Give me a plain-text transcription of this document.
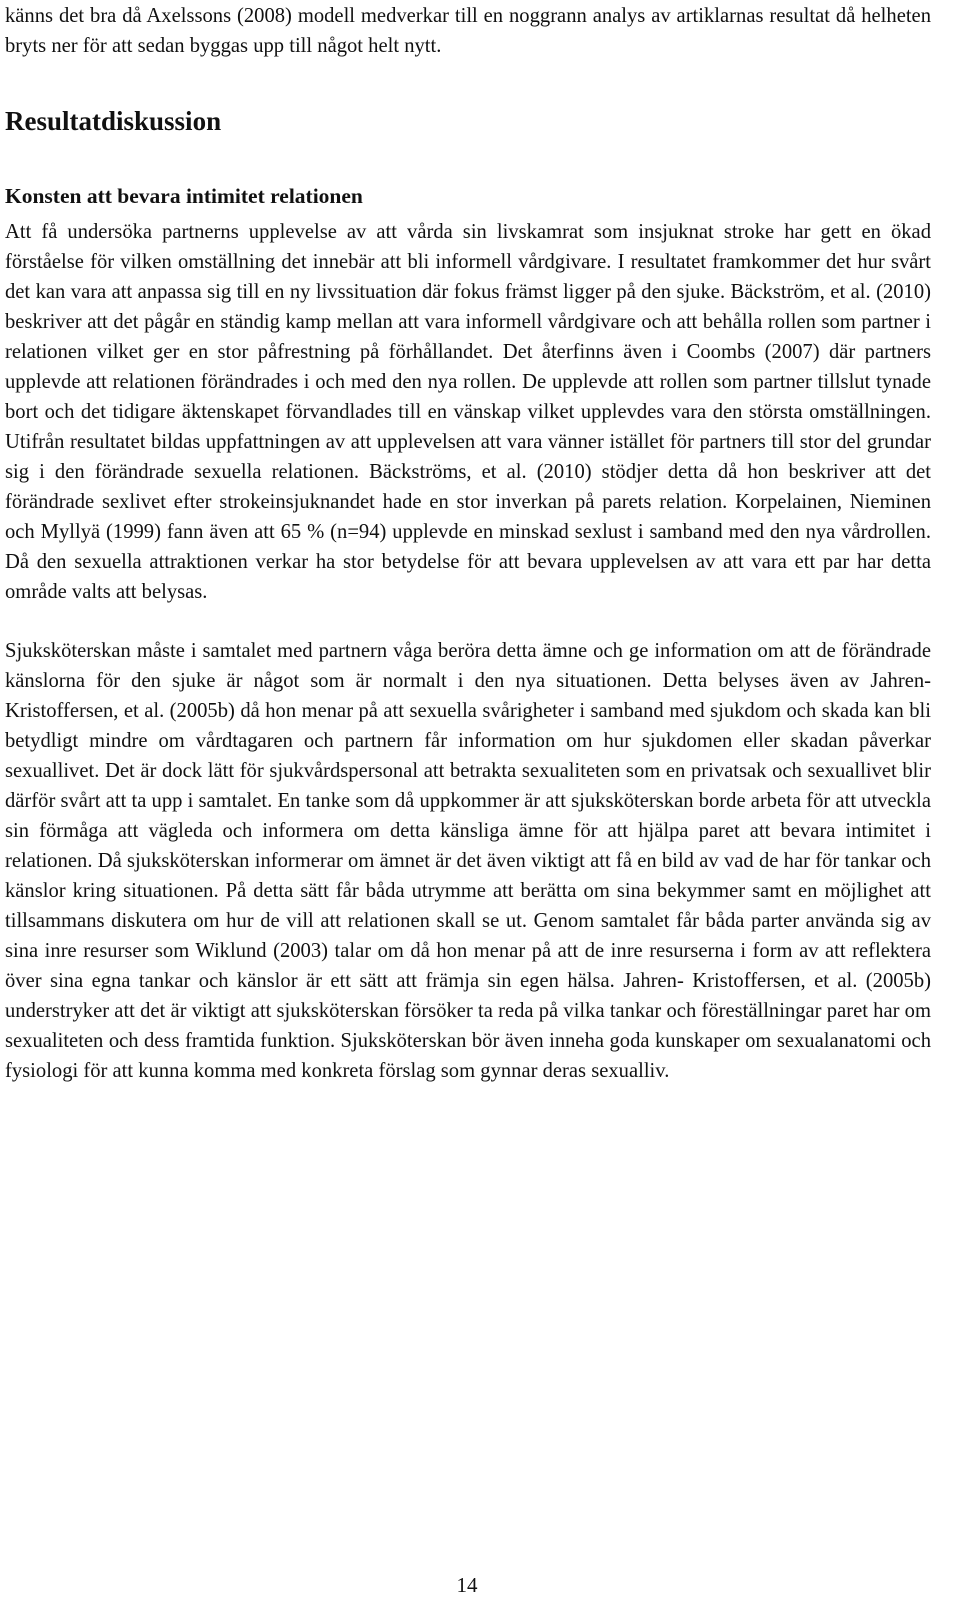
känns det bra då Axelssons (2008) modell medverkar till en noggrann analys av artiklarnas resultat då helheten bryts ner för att sedan byggas upp till något helt nytt.

Resultatdiskussion
Konsten att bevara intimitet relationen

Att få undersöka partnerns upplevelse av att vårda sin livskamrat som insjuknat stroke har gett en ökad förståelse för vilken omställning det innebär att bli informell vårdgivare. I resultatet framkommer det hur svårt det kan vara att anpassa sig till en ny livssituation där fokus främst ligger på den sjuke. Bäckström, et al. (2010) beskriver att det pågår en ständig kamp mellan att vara informell vårdgivare och att behålla rollen som partner i relationen vilket ger en stor påfrestning på förhållandet. Det återfinns även i Coombs (2007) där partners upplevde att relationen förändrades i och med den nya rollen. De upplevde att rollen som partner tillslut tynade bort och det tidigare äktenskapet förvandlades till en vänskap vilket upplevdes vara den största omställningen. Utifrån resultatet bildas uppfattningen av att upplevelsen att vara vänner istället för partners till stor del grundar sig i den förändrade sexuella relationen. Bäckströms, et al. (2010) stödjer detta då hon beskriver att det förändrade sexlivet efter strokeinsjuknandet hade en stor inverkan på parets relation. Korpelainen, Nieminen och Myllyä (1999) fann även att 65 % (n=94) upplevde en minskad sexlust i samband med den nya vårdrollen. Då den sexuella attraktionen verkar ha stor betydelse för att bevara upplevelsen av att vara ett par har detta område valts att belysas.

Sjuksköterskan måste i samtalet med partnern våga beröra detta ämne och ge information om att de förändrade känslorna för den sjuke är något som är normalt i den nya situationen. Detta belyses även av Jahren- Kristoffersen, et al. (2005b) då hon menar på att sexuella svårigheter i samband med sjukdom och skada kan bli betydligt mindre om vårdtagaren och partnern får information om hur sjukdomen eller skadan påverkar sexuallivet. Det är dock lätt för sjukvårdspersonal att betrakta sexualiteten som en privatsak och sexuallivet blir därför svårt att ta upp i samtalet. En tanke som då uppkommer är att sjuksköterskan borde arbeta för att utveckla sin förmåga att vägleda och informera om detta känsliga ämne för att hjälpa paret att bevara intimitet i relationen. Då sjuksköterskan informerar om ämnet är det även viktigt att få en bild av vad de har för tankar och känslor kring situationen. På detta sätt får båda utrymme att berätta om sina bekymmer samt en möjlighet att tillsammans diskutera om hur de vill att relationen skall se ut. Genom samtalet får båda parter använda sig av sina inre resurser som Wiklund (2003) talar om då hon menar på att de inre resurserna i form av att reflektera över sina egna tankar och känslor är ett sätt att främja sin egen hälsa. Jahren- Kristoffersen, et al. (2005b) understryker att det är viktigt att sjuksköterskan försöker ta reda på vilka tankar och föreställningar paret har om sexualiteten och dess framtida funktion. Sjuksköterskan bör även inneha goda kunskaper om sexualanatomi och fysiologi för att kunna komma med konkreta förslag som gynnar deras sexualliv.

14
